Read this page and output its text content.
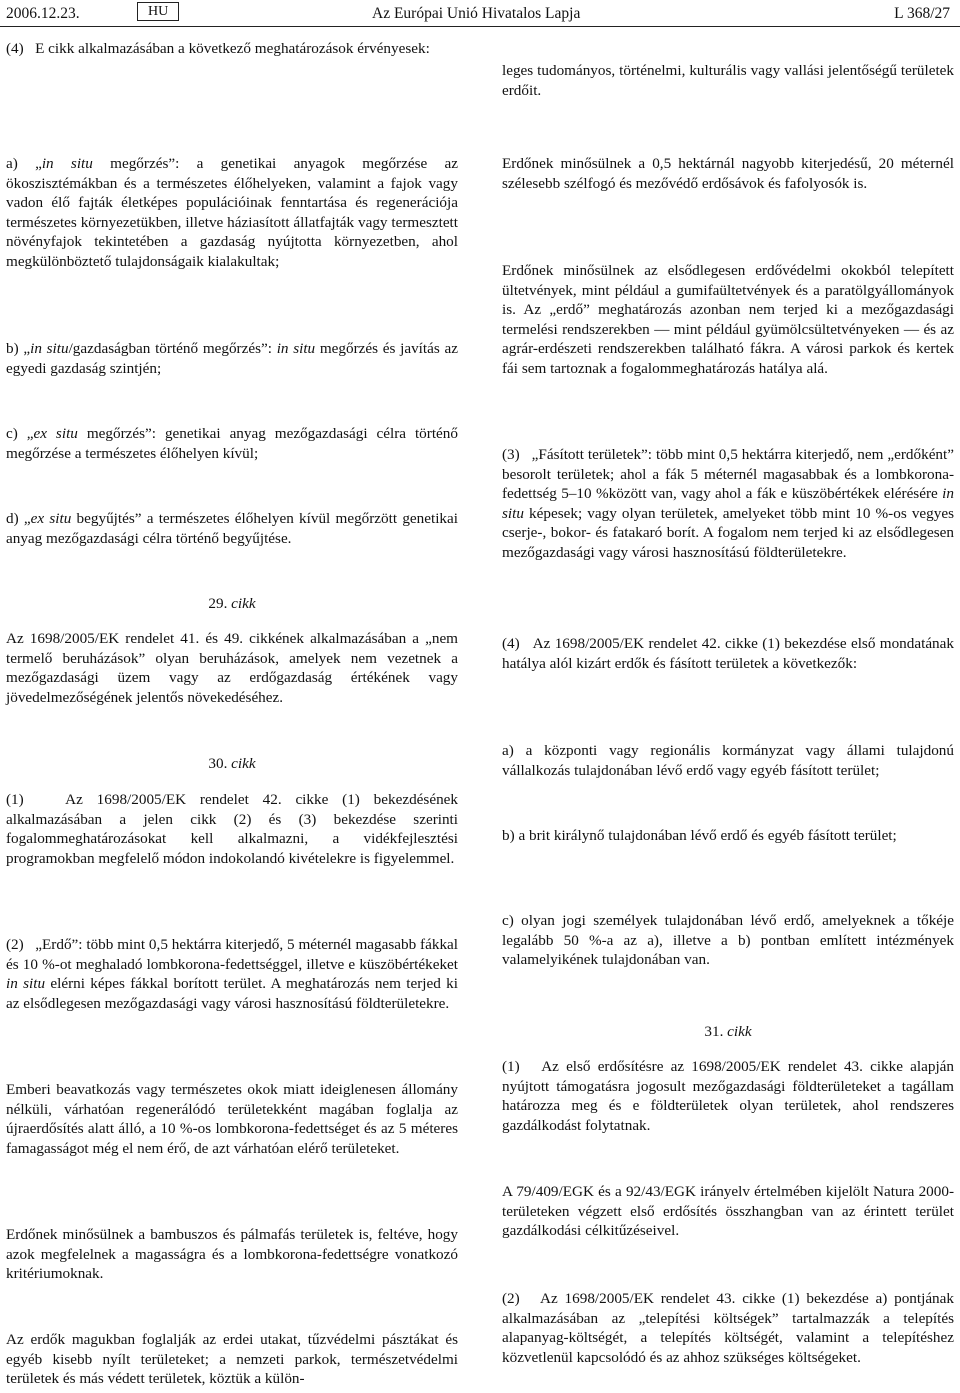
2006.12.23.	HU	Az Európai Unió Hivatalos Lapja	L 368/27

(4)   E cikk alkalmazásában a következő meghatározások érvényesek:

a) „in situ megőrzés”: a genetikai anyagok megőrzése az ökoszisztémákban és a természetes élőhelyeken, valamint a fajok vagy vadon élő fajták életképes populációinak fenntartása és regenerációja természetes környezetükben, illetve háziasított állatfajták vagy termesztett növényfajok tekintetében a gazdaság nyújtotta környezetben, ahol megkülönböztető tulajdonságaik kialakultak;

b) „in situ/gazdaságban történő megőrzés”: in situ megőrzés és javítás az egyedi gazdaság szintjén;

c) „ex situ megőrzés”: genetikai anyag mezőgazdasági célra történő megőrzése a természetes élőhelyen kívül;

d) „ex situ begyűjtés” a természetes élőhelyen kívül megőrzött genetikai anyag mezőgazdasági célra történő begyűjtése.

29. cikk

Az 1698/2005/EK rendelet 41. és 49. cikkének alkalmazásában a „nem termelő beruházások” olyan beruházások, amelyek nem vezetnek a mezőgazdasági üzem vagy az erdőgazdaság értékének vagy jövedelmezőségének jelentős növekedéséhez.

30. cikk

(1)   Az 1698/2005/EK rendelet 42. cikke (1) bekezdésének alkalmazásában a jelen cikk (2) és (3) bekezdése szerinti fogalommeghatározásokat kell alkalmazni, a vidékfejlesztési programokban megfelelő módon indokolandó kivételekre is figyelemmel.

(2)   „Erdő”: több mint 0,5 hektárra kiterjedő, 5 méternél magasabb fákkal és 10 %-ot meghaladó lombkorona-fedettséggel, illetve e küszöbértékeket in situ elérni képes fákkal borított terület. A meghatározás nem terjed ki az elsődlegesen mezőgazdasági vagy városi hasznosítású földterületekre.

Emberi beavatkozás vagy természetes okok miatt ideiglenesen állomány nélküli, várhatóan regenerálódó területekként magában foglalja az újraerdősítés alatt álló, a 10 %-os lombkorona-fedettséget és az 5 méteres famagasságot még el nem érő, de azt várhatóan elérő területeket.

Erdőnek minősülnek a bambuszos és pálmafás területek is, feltéve, hogy azok megfelelnek a magasságra és a lombkorona-fedettségre vonatkozó kritériumoknak.

Az erdők magukban foglalják az erdei utakat, tűzvédelmi pásztákat és egyéb kisebb nyílt területeket; a nemzeti parkok, természetvédelmi területek és más védett területek, köztük a külön-

leges tudományos, történelmi, kulturális vagy vallási jelentőségű területek erdőit.

Erdőnek minősülnek a 0,5 hektárnál nagyobb kiterjedésű, 20 méternél szélesebb szélfogó és mezővédő erdősávok és fafolyosók is.

Erdőnek minősülnek az elsődlegesen erdővédelmi okokból telepített ültetvények, mint például a gumifaültetvények és a paratölgyállományok is. Az „erdő” meghatározás azonban nem terjed ki a mezőgazdasági termelési rendszerekben — mint például gyümölcsültetvényeken — és az agrár-erdészeti rendszerekben található fákra. A városi parkok és kertek fái sem tartoznak a fogalommeghatározás hatálya alá.

(3)   „Fásított területek”: több mint 0,5 hektárra kiterjedő, nem „erdőként” besorolt területek; ahol a fák 5 méternél magasabbak és a lombkorona-fedettség 5–10 %között van, vagy ahol a fák e küszöbértékek elérésére in situ képesek; vagy olyan területek, amelyeket több mint 10 %-os vegyes cserje-, bokor- és fatakaró borít. A fogalom nem terjed ki az elsődlegesen mezőgazdasági vagy városi hasznosítású földterületekre.

(4)   Az 1698/2005/EK rendelet 42. cikke (1) bekezdése első mondatának hatálya alól kizárt erdők és fásított területek a következők:

a) a központi vagy regionális kormányzat vagy állami tulajdonú vállalkozás tulajdonában lévő erdő vagy egyéb fásított terület;

b) a brit királynő tulajdonában lévő erdő és egyéb fásított terület;

c) olyan jogi személyek tulajdonában lévő erdő, amelyeknek a tőkéje legalább 50 %-a az a), illetve a b) pontban említett intézmények valamelyikének tulajdonában van.

31. cikk

(1)   Az első erdősítésre az 1698/2005/EK rendelet 43. cikke alapján nyújtott támogatásra jogosult mezőgazdasági földterületeket a tagállam határozza meg és e földterületek olyan területek, ahol rendszeres gazdálkodást folytatnak.

A 79/409/EGK és a 92/43/EGK irányelv értelmében kijelölt Natura 2000-területeken végzett első erdősítés összhangban van az érintett terület gazdálkodási célkitűzéseivel.

(2)   Az 1698/2005/EK rendelet 43. cikke (1) bekezdése a) pontjának alkalmazásában az „telepítési költségek” tartalmazzák a telepítés alapanyag-költségét, a telepítés költségét, valamint a telepítéshez közvetlenül kapcsolódó és az ahhoz szükséges költségeket.
